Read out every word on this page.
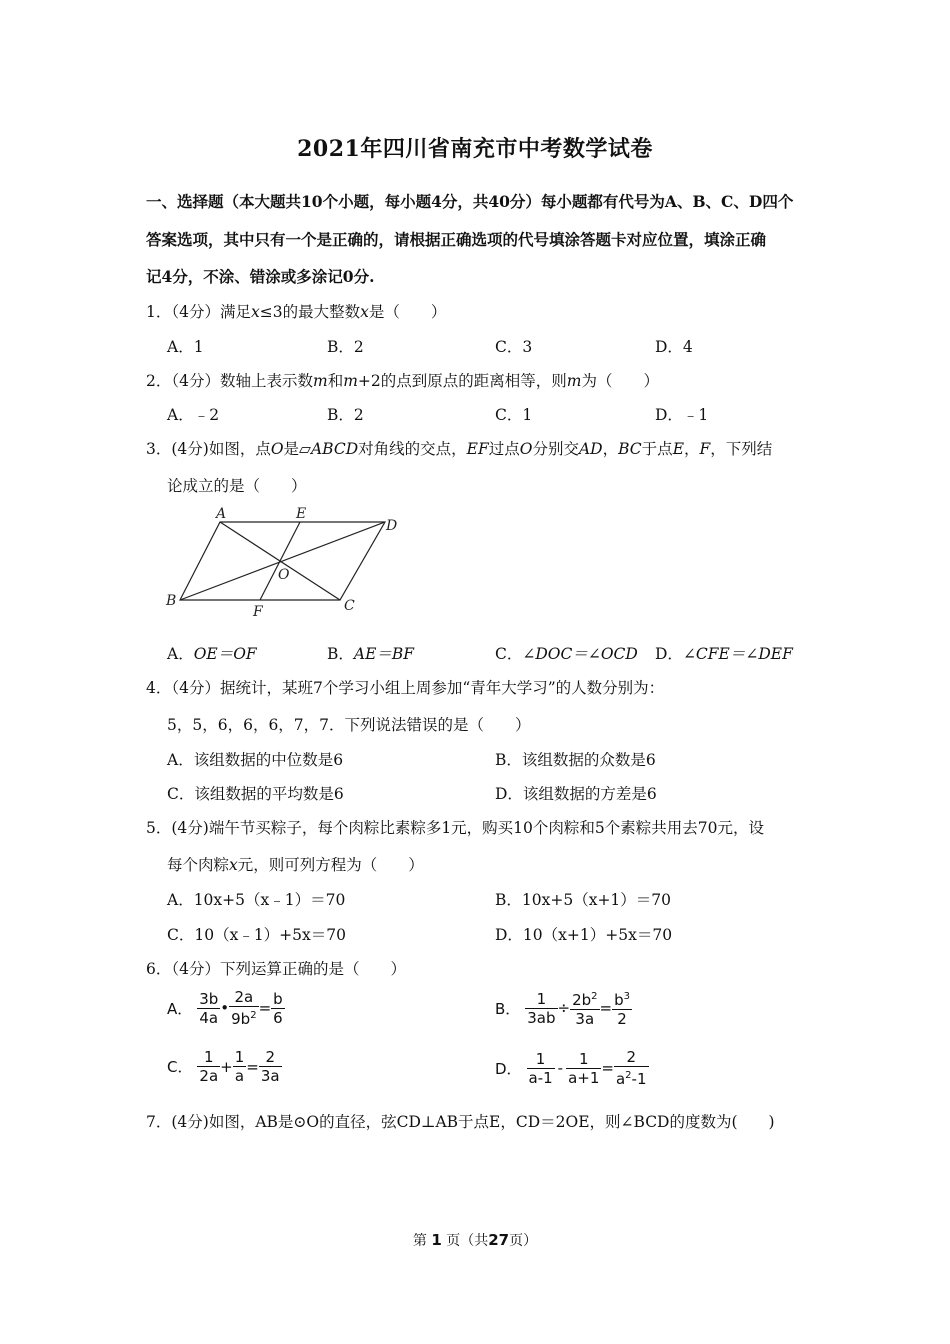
2021年四川省南充市中考数学试卷
一、选择题（本大题共10个小题，每小题4分，共40分）每小题都有代号为A、B、C、D四个
答案选项，其中只有一个是正确的，请根据正确选项的代号填涂答题卡对应位置，填涂正确
记4分，不涂、错涂或多涂记0分.
1．（4分）满足x≤3的最大整数x是（　　）
A．1	B．2	C．3	D．4
2．（4分）数轴上表示数m和m+2的点到原点的距离相等，则m为（　　）
A．﹣2	B．2	C．1	D．﹣1
3．(4分)如图，点O是▱ABCD对角线的交点，EF过点O分别交AD，BC于点E，F，下列结
论成立的是（　　）
A	E
D
O
B
F	C
A．OE＝OF	B．AE＝BF	C．∠DOC＝∠OCD D．∠CFE＝∠DEF
4．（4分）据统计，某班7个学习小组上周参加“青年大学习”的人数分别为：
5，5，6，6，6，7，7．下列说法错误的是（　　）
A．该组数据的中位数是6	B．该组数据的众数是6
C．该组数据的平均数是6	D．该组数据的方差是6
5．(4分)端午节买粽子，每个肉粽比素粽多1元，购买10个肉粽和5个素粽共用去70元，设
每个肉粽x元，则可列方程为（　　）
A．10x+5（x﹣1）＝70	B．10x+5（x+1）＝70
C．10（x﹣1）+5x＝70	D．10（x+1）+5x＝70
6．（4分）下列运算正确的是（　　）
A． $\frac{3b}{4a}$ • $\frac{2a}{9b^2} = \frac{b}{6}$	B． $\frac{1}{3ab} \div \frac{2b^2}{3a} = \frac{b^3}{2}$
C． $\frac{1}{2a} + \frac{1}{a} = \frac{2}{3a}$	D． $\frac{1}{a-1} - \frac{1}{a+1} = \frac{2}{a^2-1}$
7．(4分)如图，AB是⊙O的直径，弦CD⊥AB于点E，CD＝2OE，则∠BCD的度数为(　　)
第 1 页（共27页）
